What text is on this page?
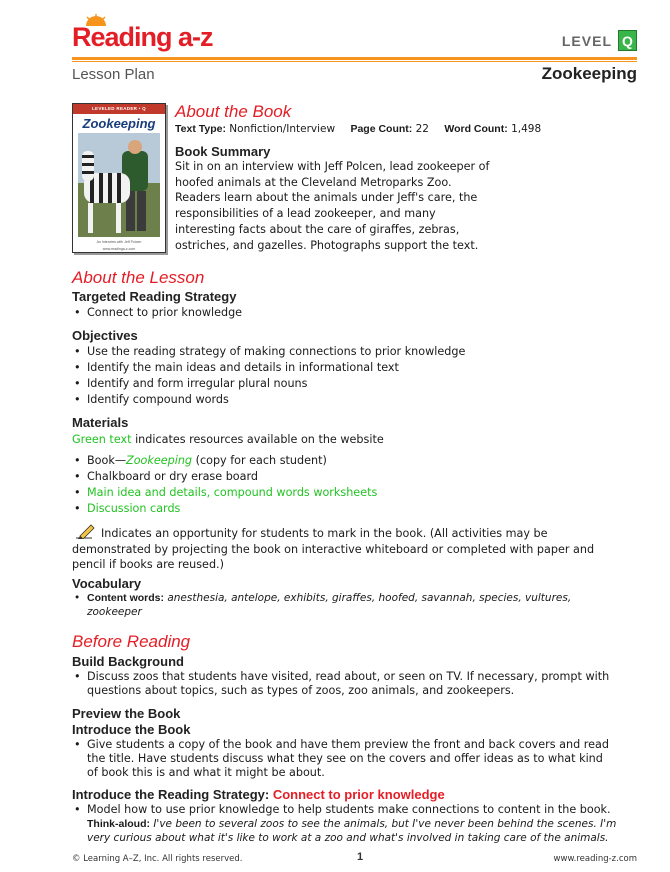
Reading a-z	LEVEL Q
Lesson Plan	Zookeeping
LEVELED READER • Q
Zookeeping
An Interview with Jeff Polcen
www.readinga-z.com
About the Book
Text Type: Nonfiction/Interview Page Count: 22 Word Count: 1,498
Book Summary
Sit in on an interview with Jeff Polcen, lead zookeeper of hoofed animals at the Cleveland Metroparks Zoo. Readers learn about the animals under Jeff's care, the responsibilities of a lead zookeeper, and many interesting facts about the care of giraffes, zebras, ostriches, and gazelles. Photographs support the text.
About the Lesson
Targeted Reading Strategy
• Connect to prior knowledge
Objectives
• Use the reading strategy of making connections to prior knowledge
• Identify the main ideas and details in informational text
• Identify and form irregular plural nouns
• Identify compound words
Materials
Green text indicates resources available on the website
• Book—Zookeeping (copy for each student)
• Chalkboard or dry erase board
• Main idea and details, compound words worksheets
• Discussion cards
Indicates an opportunity for students to mark in the book. (All activities may be demonstrated by projecting the book on interactive whiteboard or completed with paper and pencil if books are reused.)
Vocabulary
• Content words: anesthesia, antelope, exhibits, giraffes, hoofed, savannah, species, vultures, zookeeper
Before Reading
Build Background
• Discuss zoos that students have visited, read about, or seen on TV. If necessary, prompt with questions about topics, such as types of zoos, zoo animals, and zookeepers.
Preview the Book
Introduce the Book
• Give students a copy of the book and have them preview the front and back covers and read the title. Have students discuss what they see on the covers and offer ideas as to what kind of book this is and what it might be about.
Introduce the Reading Strategy: Connect to prior knowledge
• Model how to use prior knowledge to help students make connections to content in the book.
Think-aloud: I've been to several zoos to see the animals, but I've never been behind the scenes. I'm very curious about what it's like to work at a zoo and what's involved in taking care of the animals.
© Learning A–Z, Inc. All rights reserved.	1	www.reading-z.com
